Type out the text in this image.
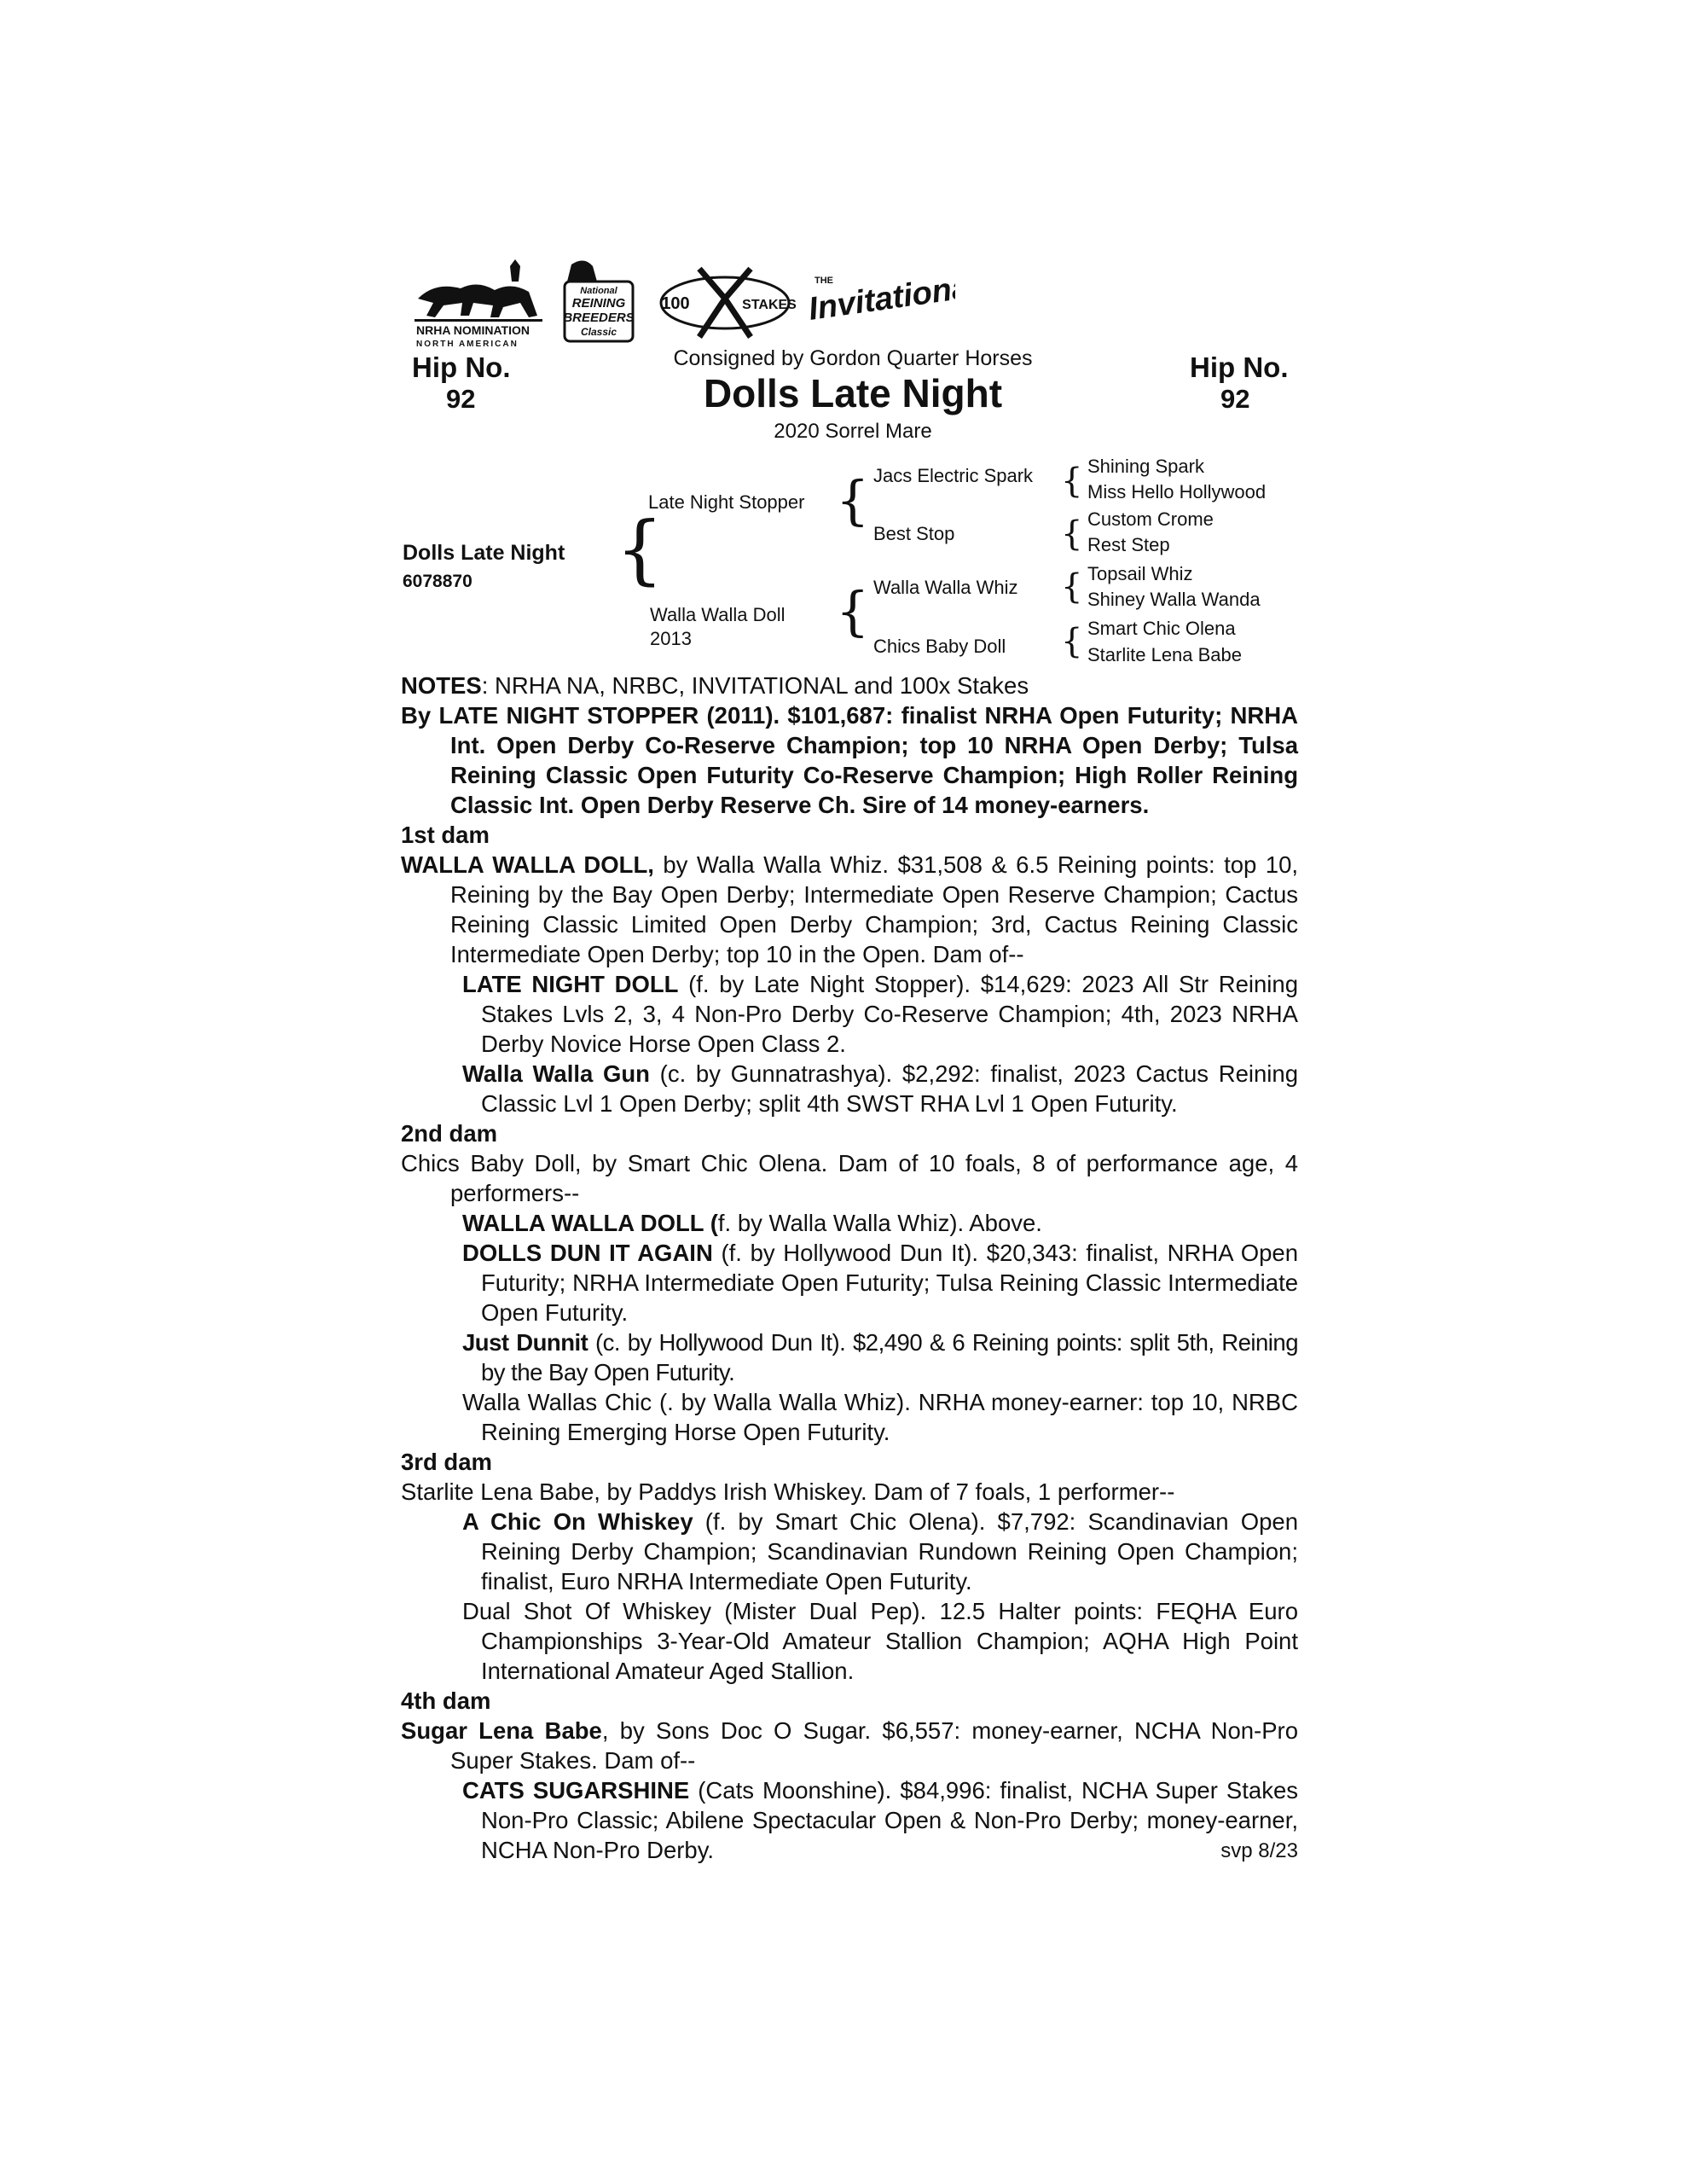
NRHA NOMINATION
NORTH AMERICAN
National
REINING
BREEDERS
Classic
100	STAKES
THE
Invitational
Hip No.
92
Hip No.
92
Consigned by Gordon Quarter Horses
Dolls Late Night
2020 Sorrel Mare
Dolls Late Night
6078870 {
Late Night Stopper
Walla Walla Doll
2013
{
{
Jacs Electric Spark
Best Stop
Walla Walla Whiz
Chics Baby Doll
{
{
{
{
Shining Spark
Miss Hello Hollywood
Custom Crome
Rest Step
Topsail Whiz
Shiney Walla Wanda
Smart Chic Olena
Starlite Lena Babe

NOTES: NRHA NA, NRBC, INVITATIONAL and 100x Stakes

By LATE NIGHT STOPPER (2011). $101,687: finalist NRHA Open Futurity; NRHA Int. Open Derby Co-Reserve Champion; top 10 NRHA Open Derby; Tulsa Reining Classic Open Futurity Co-Reserve Champion; High Roller Reining Classic Int. Open Derby Reserve Ch. Sire of 14 money-earners.

1st dam

WALLA WALLA DOLL, by Walla Walla Whiz. $31,508 & 6.5 Reining points: top 10, Reining by the Bay Open Derby; Intermediate Open Reserve Champion; Cactus Reining Classic Limited Open Derby Champion; 3rd, Cactus Reining Classic Intermediate Open Derby; top 10 in the Open. Dam of--

LATE NIGHT DOLL (f. by Late Night Stopper). $14,629: 2023 All Str Reining Stakes Lvls 2, 3, 4 Non-Pro Derby Co-Reserve Champion; 4th, 2023 NRHA Derby Novice Horse Open Class 2.

Walla Walla Gun (c. by Gunnatrashya). $2,292: finalist, 2023 Cactus Reining Classic Lvl 1 Open Derby; split 4th SWST RHA Lvl 1 Open Futurity.

2nd dam

Chics Baby Doll, by Smart Chic Olena. Dam of 10 foals, 8 of performance age, 4 performers--

WALLA WALLA DOLL (f. by Walla Walla Whiz). Above.

DOLLS DUN IT AGAIN (f. by Hollywood Dun It). $20,343: finalist, NRHA Open Futurity; NRHA Intermediate Open Futurity; Tulsa Reining Classic Intermediate Open Futurity.

Just Dunnit (c. by Hollywood Dun It). $2,490 & 6 Reining points: split 5th, Reining by the Bay Open Futurity.

Walla Wallas Chic (. by Walla Walla Whiz). NRHA money-earner: top 10, NRBC Reining Emerging Horse Open Futurity.

3rd dam

Starlite Lena Babe, by Paddys Irish Whiskey. Dam of 7 foals, 1 performer--

A Chic On Whiskey (f. by Smart Chic Olena). $7,792: Scandinavian Open Reining Derby Champion; Scandinavian Rundown Reining Open Champion; finalist, Euro NRHA Intermediate Open Futurity.

Dual Shot Of Whiskey (Mister Dual Pep). 12.5 Halter points: FEQHA Euro Championships 3-Year-Old Amateur Stallion Champion; AQHA High Point International Amateur Aged Stallion.

4th dam

Sugar Lena Babe, by Sons Doc O Sugar. $6,557: money-earner, NCHA Non-Pro Super Stakes. Dam of--

CATS SUGARSHINE (Cats Moonshine). $84,996: finalist, NCHA Super Stakes Non-Pro Classic; Abilene Spectacular Open & Non-Pro Derby; money-earner, NCHA Non-Pro Derby.	svp 8/23
